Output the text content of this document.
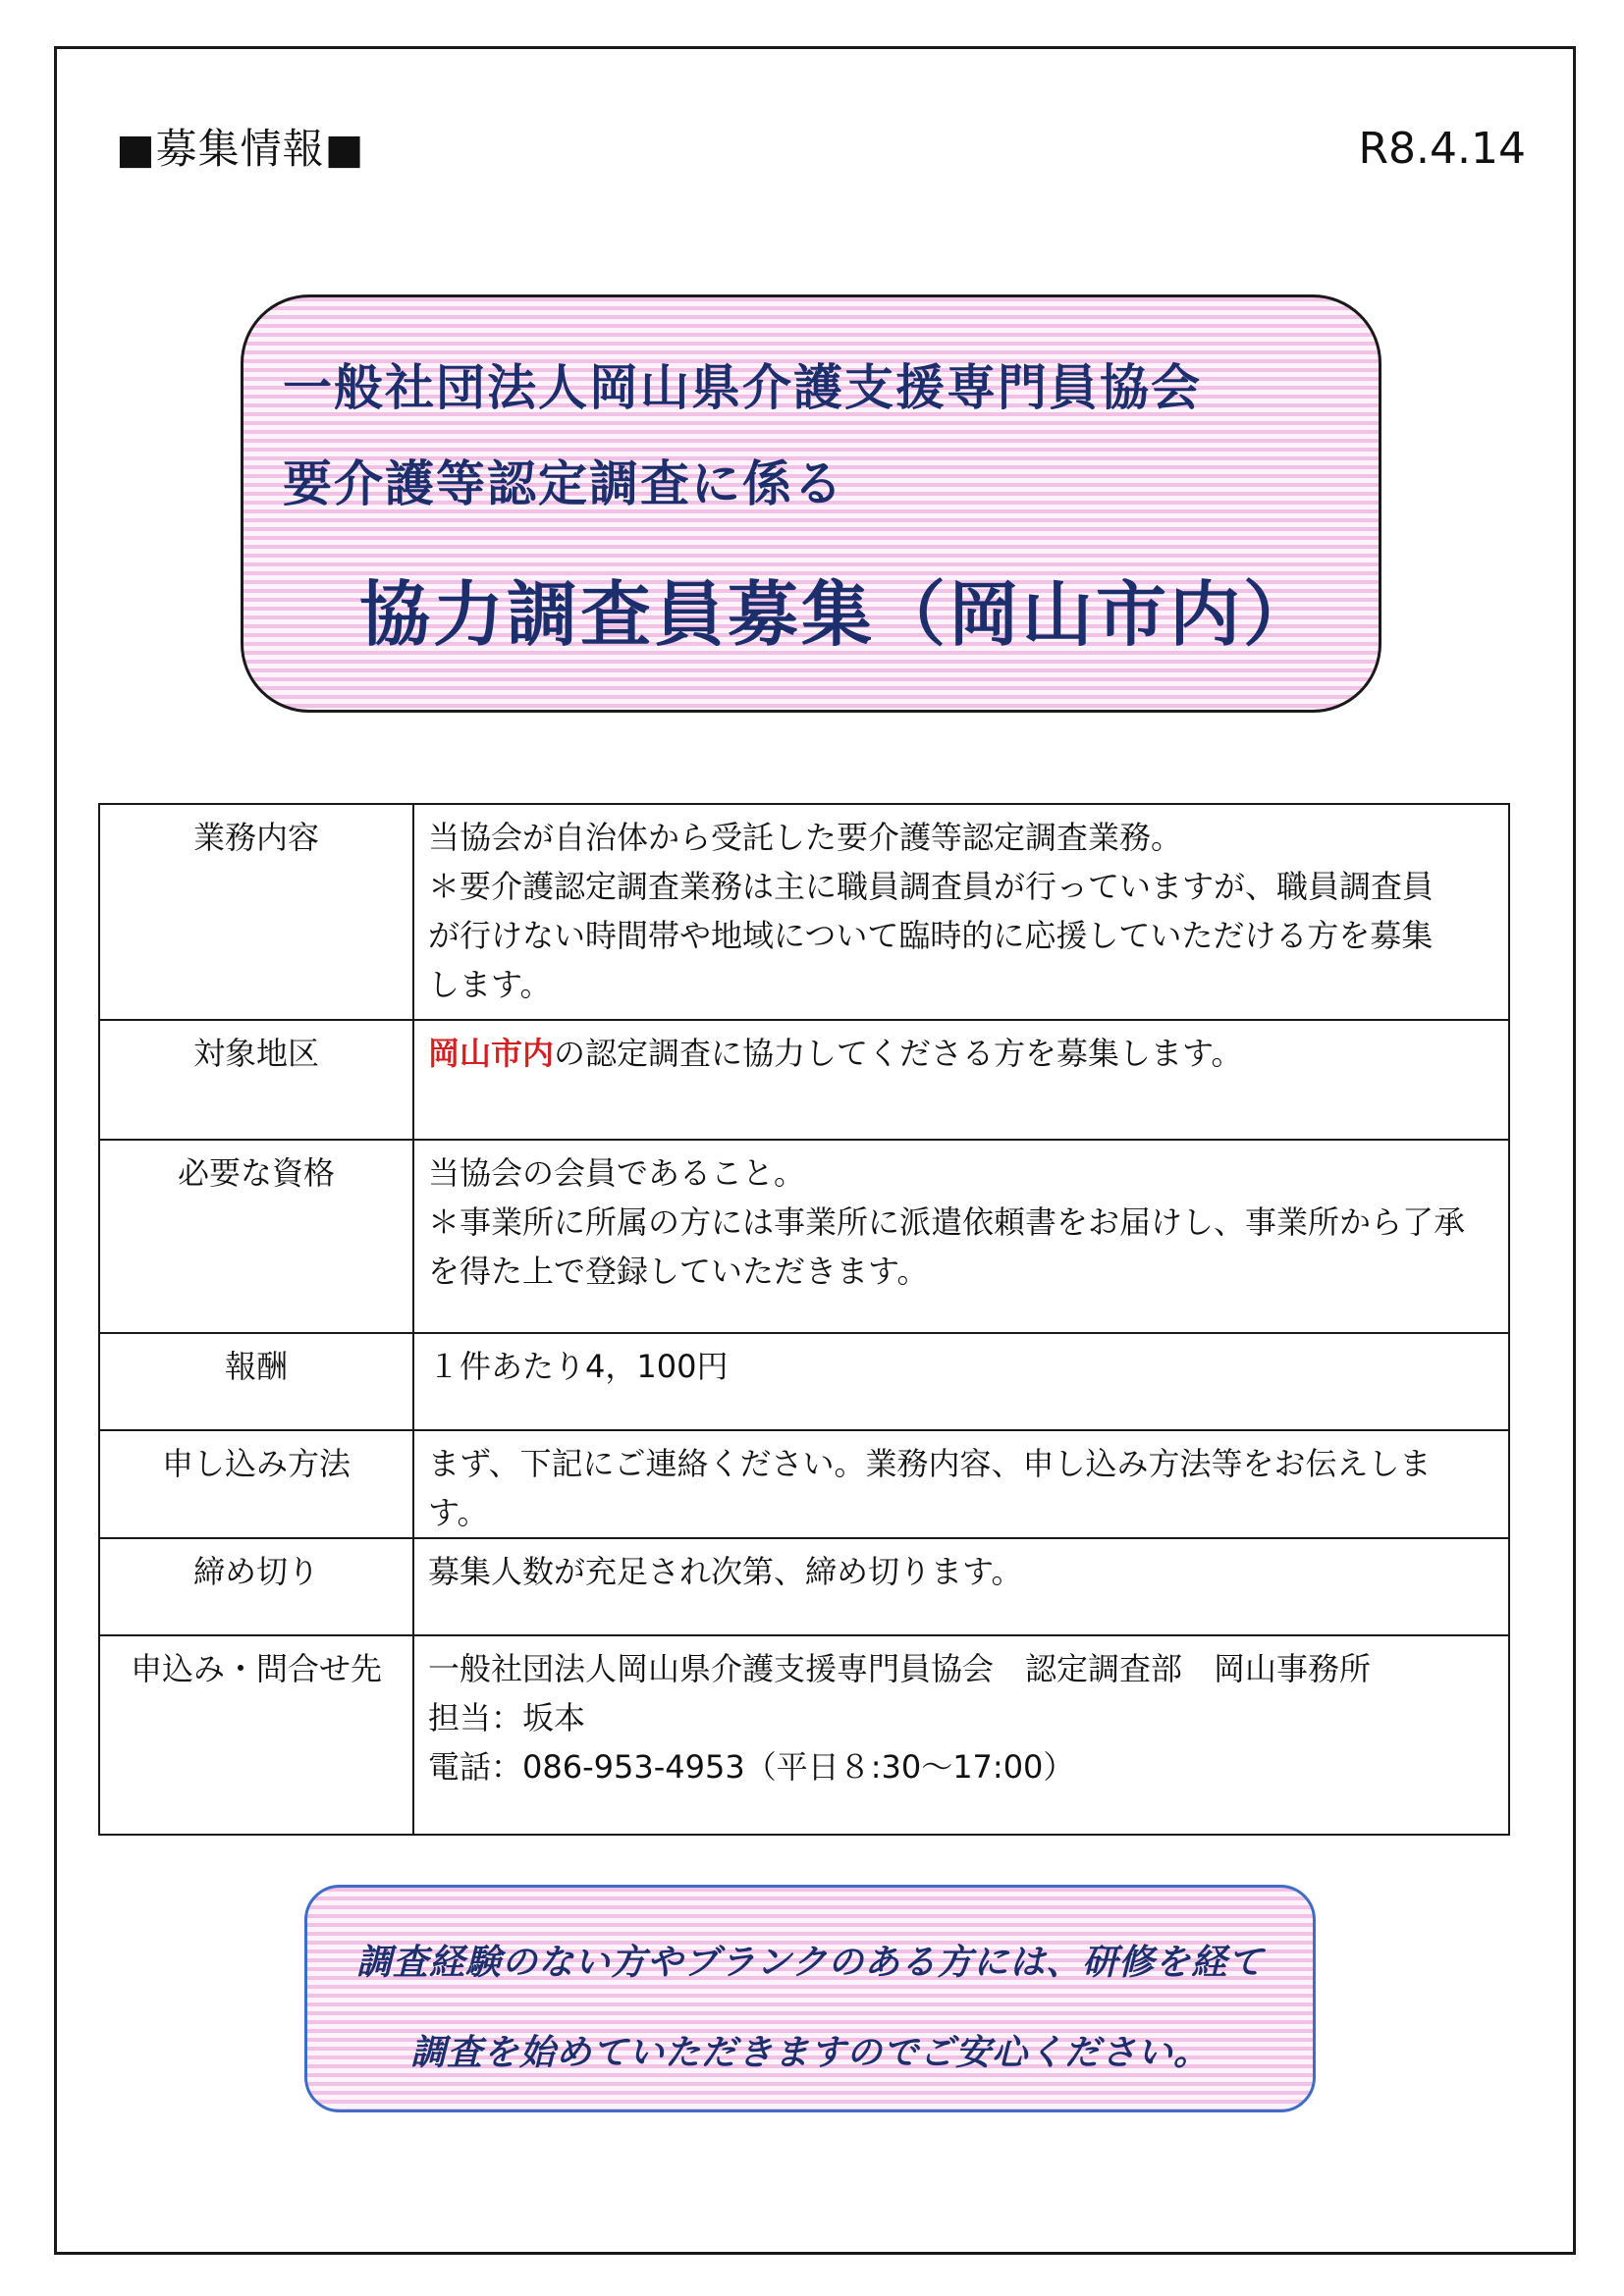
■募集情報■	R8.4.14
一般社団法人岡山県介護支援専門員協会
要介護等認定調査に係る
協力調査員募集（岡山市内）
業務内容	当協会が自治体から受託した要介護等認定調査業務。
＊要介護認定調査業務は主に職員調査員が行っていますが、職員調査員
が行けない時間帯や地域について臨時的に応援していただける方を募集
します。

対象地区	岡山市内の認定調査に協力してくださる方を募集します。

必要な資格	当協会の会員であること。
＊事業所に所属の方には事業所に派遣依頼書をお届けし、事業所から了承
を得た上で登録していただきます。

報酬	１件あたり4，100円

申し込み方法	まず、下記にご連絡ください。業務内容、申し込み方法等をお伝えします。

締め切り	募集人数が充足され次第、締め切ります。

申込み・問合せ先	一般社団法人岡山県介護支援専門員協会　認定調査部　岡山事務所
担当：坂本
電話：086-953-4953（平日８:30～17:00）
調査経験のない方やブランクのある方には、研修を経て
調査を始めていただきますのでご安心ください。
